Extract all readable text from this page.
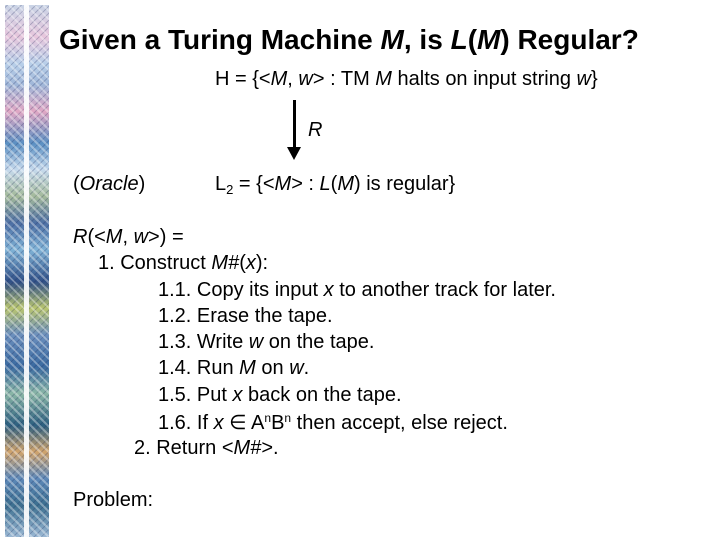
Given a Turing Machine M, is L(M) Regular?
H = {<M, w> : TM M halts on input string w}
R
(Oracle)	$L_2 = \{<M>$ : L(M) is regular}
R(<M, w>) =
1. Construct M#(x):
1.1. Copy its input x to another track for later.
1.2. Erase the tape.
1.3. Write w on the tape.
1.4. Run M on w.
1.5. Put x back on the tape.
1.6. If x ∈ $A^nB^n$ then accept, else reject.
2. Return <M#>.
Problem:
